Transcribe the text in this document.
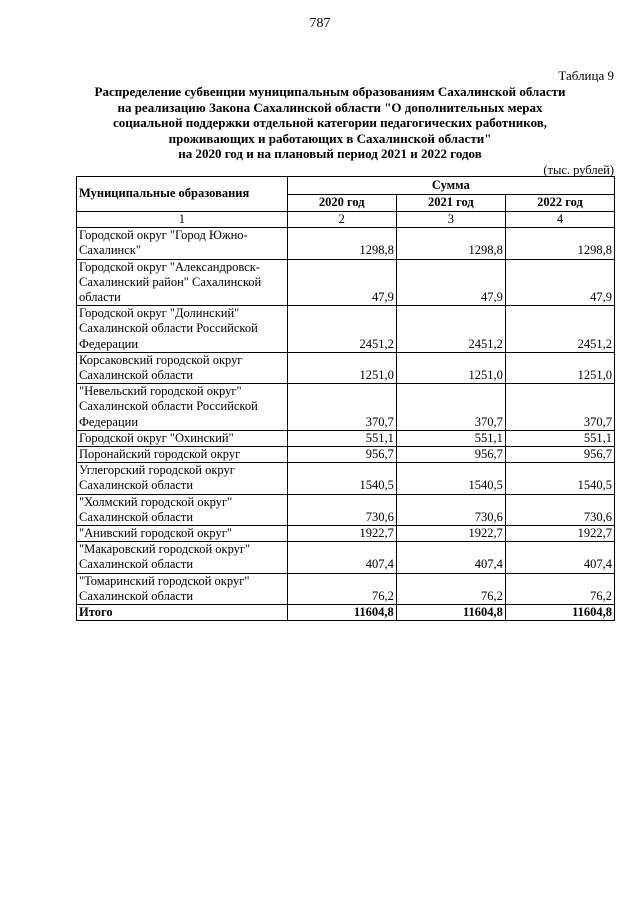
787
Таблица 9
Распределение субвенции муниципальным образованиям Сахалинской области
на реализацию Закона Сахалинской области "О дополнительных мерах
социальной поддержки отдельной категории педагогических работников,
проживающих и работающих в Сахалинской области"
на 2020 год и на плановый период 2021 и 2022 годов
(тыс. рублей)
Муниципальные образования	Сумма		
	2020 год	2021 год	2022 год
1	2	3	4
Городской округ "Город Южно-Сахалинск"	1298,8	1298,8	1298,8
Городской округ "Александровск-Сахалинский район" Сахалинской области	47,9	47,9	47,9
Городской округ "Долинский" Сахалинской области Российской Федерации	2451,2	2451,2	2451,2
Корсаковский городской округ Сахалинской области	1251,0	1251,0	1251,0
"Невельский городской округ" Сахалинской области Российской Федерации	370,7	370,7	370,7
Городской округ "Охинский"	551,1	551,1	551,1
Поронайский городской округ	956,7	956,7	956,7
Углегорский городской округ Сахалинской области	1540,5	1540,5	1540,5
"Холмский городской округ" Сахалинской области	730,6	730,6	730,6
"Анивский городской округ"	1922,7	1922,7	1922,7
"Макаровский городской округ" Сахалинской области	407,4	407,4	407,4
"Томаринский городской округ" Сахалинской области	76,2	76,2	76,2
Итого	11604,8	11604,8	11604,8
